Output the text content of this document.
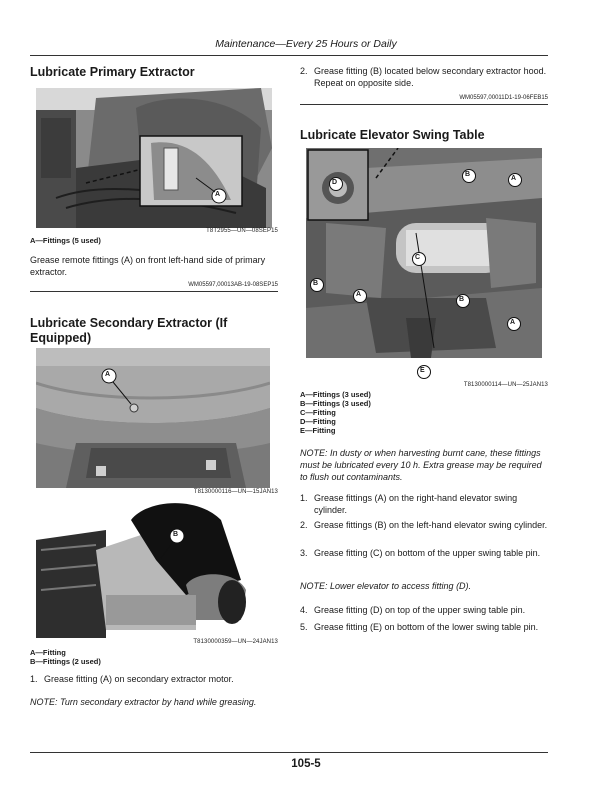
Maintenance—Every 25 Hours or Daily
Lubricate Primary Extractor
A
T8T2955—UN—08SEP15
A—Fittings (5 used)
Grease remote fittings (A) on front left-hand side of primary extractor.
WM05597,00013AB-19-08SEP15
Lubricate Secondary Extractor (If Equipped)
A
T8130000116—UN—15JAN13
B
T8130000359—UN—24JAN13
A—Fitting
B—Fittings (2 used)
1. Grease fitting (A) on secondary extractor motor.
NOTE: Turn secondary extractor by hand while greasing.
2. Grease fitting (B) located below secondary extractor hood. Repeat on opposite side.
WM05597,00011D1-19-06FEB15
Lubricate Elevator Swing Table
D
B
A
C
B
A
B
A
E
T8130000114—UN—25JAN13
A—Fittings (3 used)
B—Fittings (3 used)
C—Fitting
D—Fitting
E—Fitting
NOTE: In dusty or when harvesting burnt cane, these fittings must be lubricated every 10 h. Extra grease may be required to flush out contaminants.
1. Grease fittings (A) on the right-hand elevator swing cylinder.
2. Grease fittings (B) on the left-hand elevator swing cylinder.
3. Grease fitting (C) on bottom of the upper swing table pin.
NOTE: Lower elevator to access fitting (D).
4. Grease fitting (D) on top of the upper swing table pin.
5. Grease fitting (E) on bottom of the lower swing table pin.
105-5
